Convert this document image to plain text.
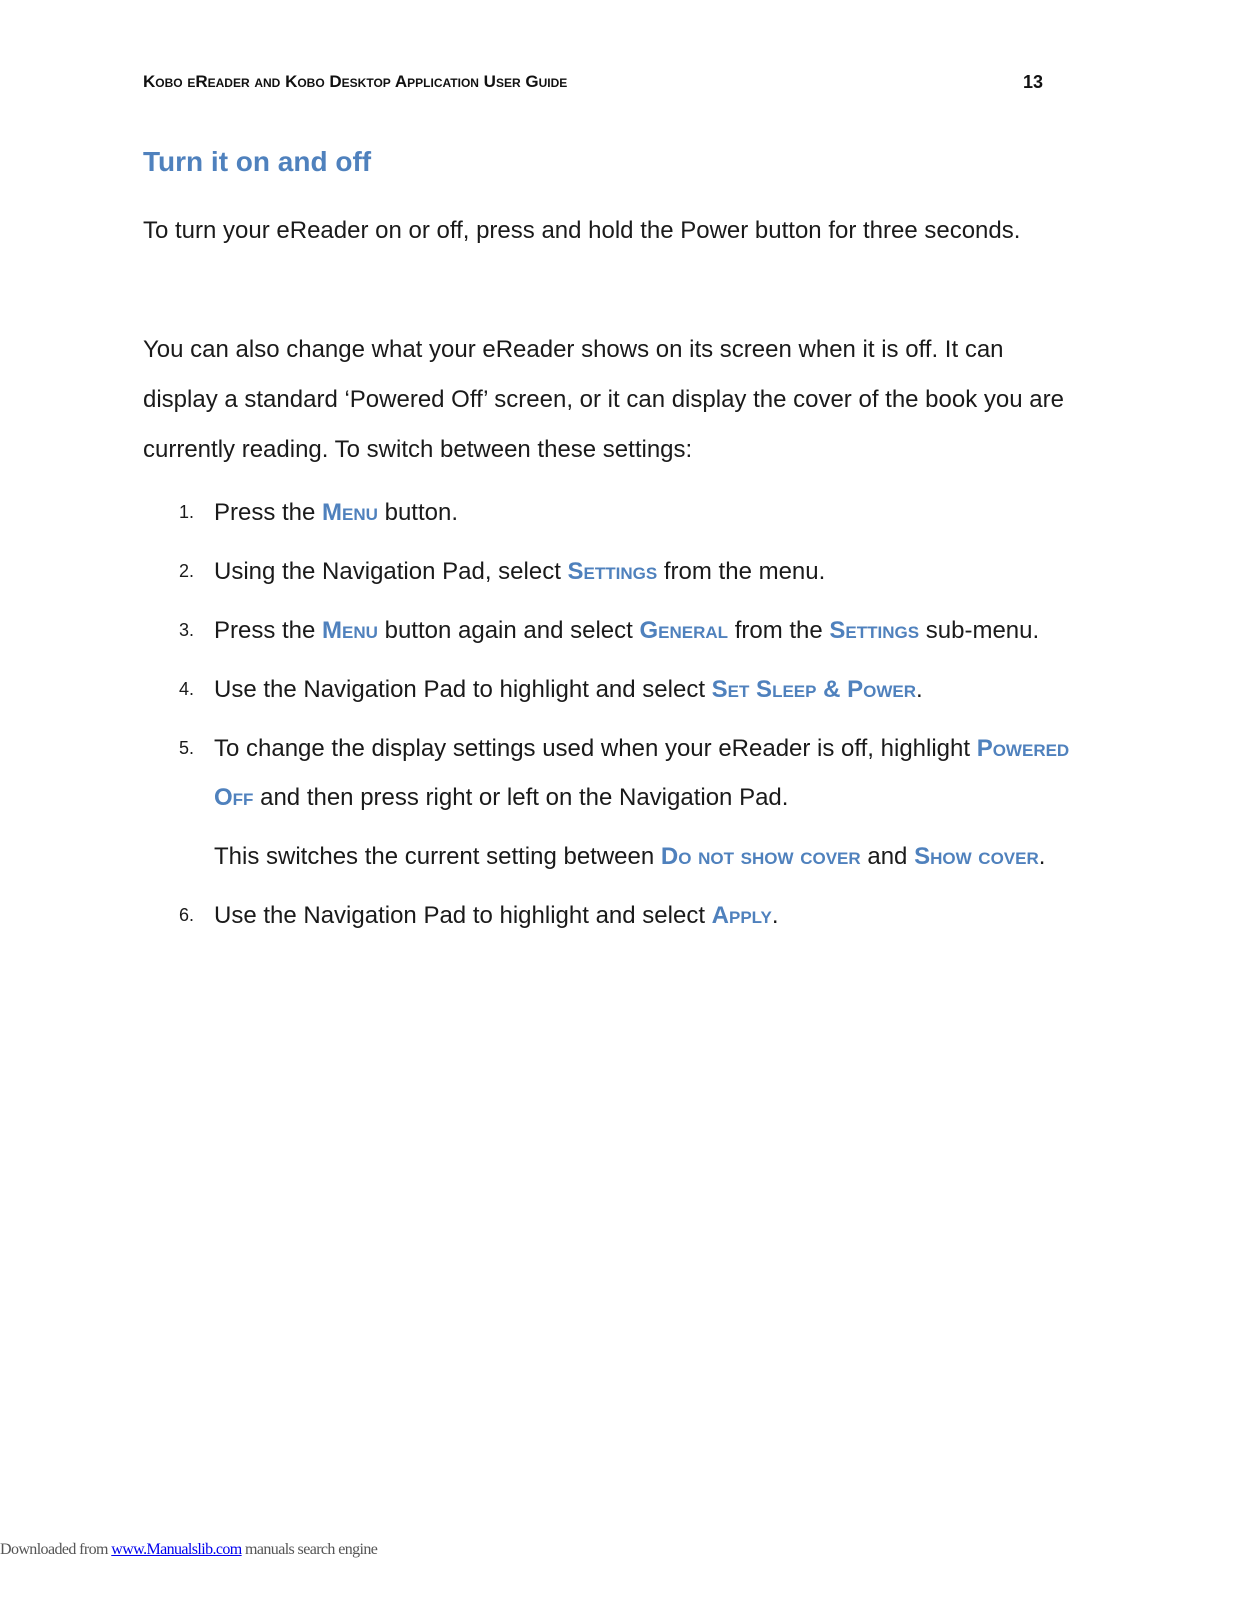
Kobo eReader and Kobo Desktop Application User Guide	13
Turn it on and off

To turn your eReader on or off, press and hold the Power button for three seconds.

You can also change what your eReader shows on its screen when it is off. It can display a standard ‘Powered Off’ screen, or it can display the cover of the book you are currently reading. To switch between these settings:

1. Press the Menu button.
2. Using the Navigation Pad, select Settings from the menu.
3. Press the Menu button again and select General from the Settings sub-menu.
4. Use the Navigation Pad to highlight and select Set Sleep & Power.
5. To change the display settings used when your eReader is off, highlight Powered Off and then press right or left on the Navigation Pad.
This switches the current setting between Do not show cover and Show cover.
6. Use the Navigation Pad to highlight and select Apply.
Downloaded from www.Manualslib.com manuals search engine
